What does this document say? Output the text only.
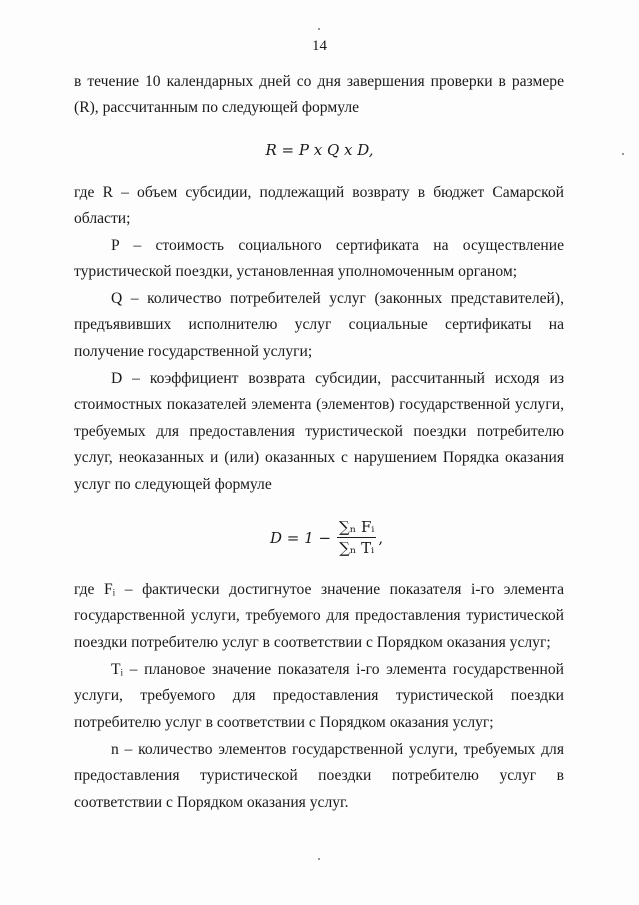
14

в течение 10 календарных дней со дня завершения проверки в размере (R), рассчитанным по следующей формуле

R = P x Q x D,

где R – объем субсидии, подлежащий возврату в бюджет Самарской области;

P – стоимость социального сертификата на осуществление туристической поездки, установленная уполномоченным органом;

Q – количество потребителей услуг (законных представителей), предъявивших исполнителю услуг социальные сертификаты на получение государственной услуги;

D – коэффициент возврата субсидии, рассчитанный исходя из стоимостных показателей элемента (элементов) государственной услуги, требуемых для предоставления туристической поездки потребителю услуг, неоказанных и (или) оказанных с нарушением Порядка оказания услуг по следующей формуле

$D = 1 - \frac{\text{∑ₙ Fᵢ}}{\text{∑ₙ Tᵢ}}$ ,

где Fᵢ – фактически достигнутое значение показателя i-го элемента государственной услуги, требуемого для предоставления туристической поездки потребителю услуг в соответствии с Порядком оказания услуг;

Tᵢ – плановое значение показателя i-го элемента государственной услуги, требуемого для предоставления туристической поездки потребителю услуг в соответствии с Порядком оказания услуг;

n – количество элементов государственной услуги, требуемых для предоставления туристической поездки потребителю услуг в соответствии с Порядком оказания услуг.
